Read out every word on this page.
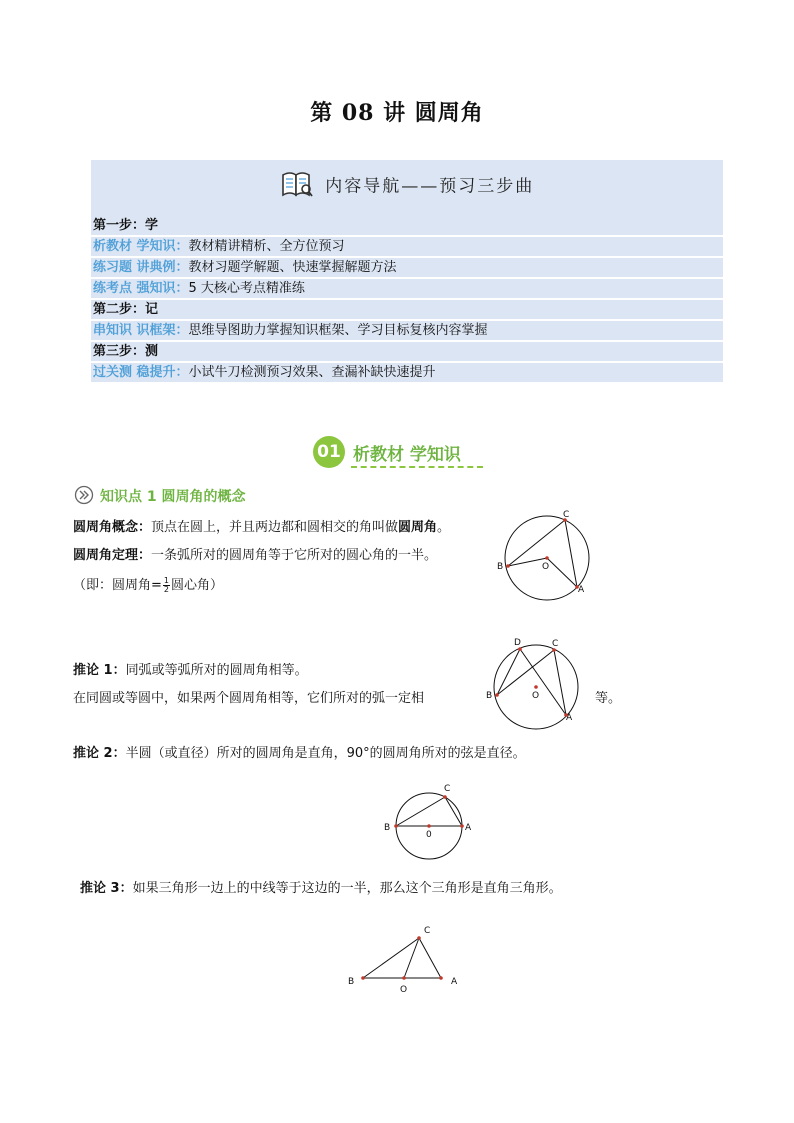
第 08 讲 圆周角
内容导航——预习三步曲
第一步：学
析教材 学知识：教材精讲精析、全方位预习
练习题 讲典例：教材习题学解题、快速掌握解题方法
练考点 强知识：5 大核心考点精准练
第二步：记
串知识 识框架：思维导图助力掌握知识框架、学习目标复核内容掌握
第三步：测
过关测 稳提升：小试牛刀检测预习效果、查漏补缺快速提升
01 析教材 学知识
知识点 1 圆周角的概念
圆周角概念：顶点在圆上，并且两边都和圆相交的角叫做圆周角。
圆周角定理：一条弧所对的圆周角等于它所对的圆心角的一半。
（即：圆周角= $\frac{1}{2}$ 圆心角）
C
B	O
A
推论 1：同弧或等弧所对的圆周角相等。
在同圆或等圆中，如果两个圆周角相等，它们所对的弧一定相	等。
D	C
B	O
A
推论 2：半圆（或直径）所对的圆周角是直角，90°的圆周角所对的弦是直径。
C
B
0
A
推论 3：如果三角形一边上的中线等于这边的一半，那么这个三角形是直角三角形。
C
B
O
A
